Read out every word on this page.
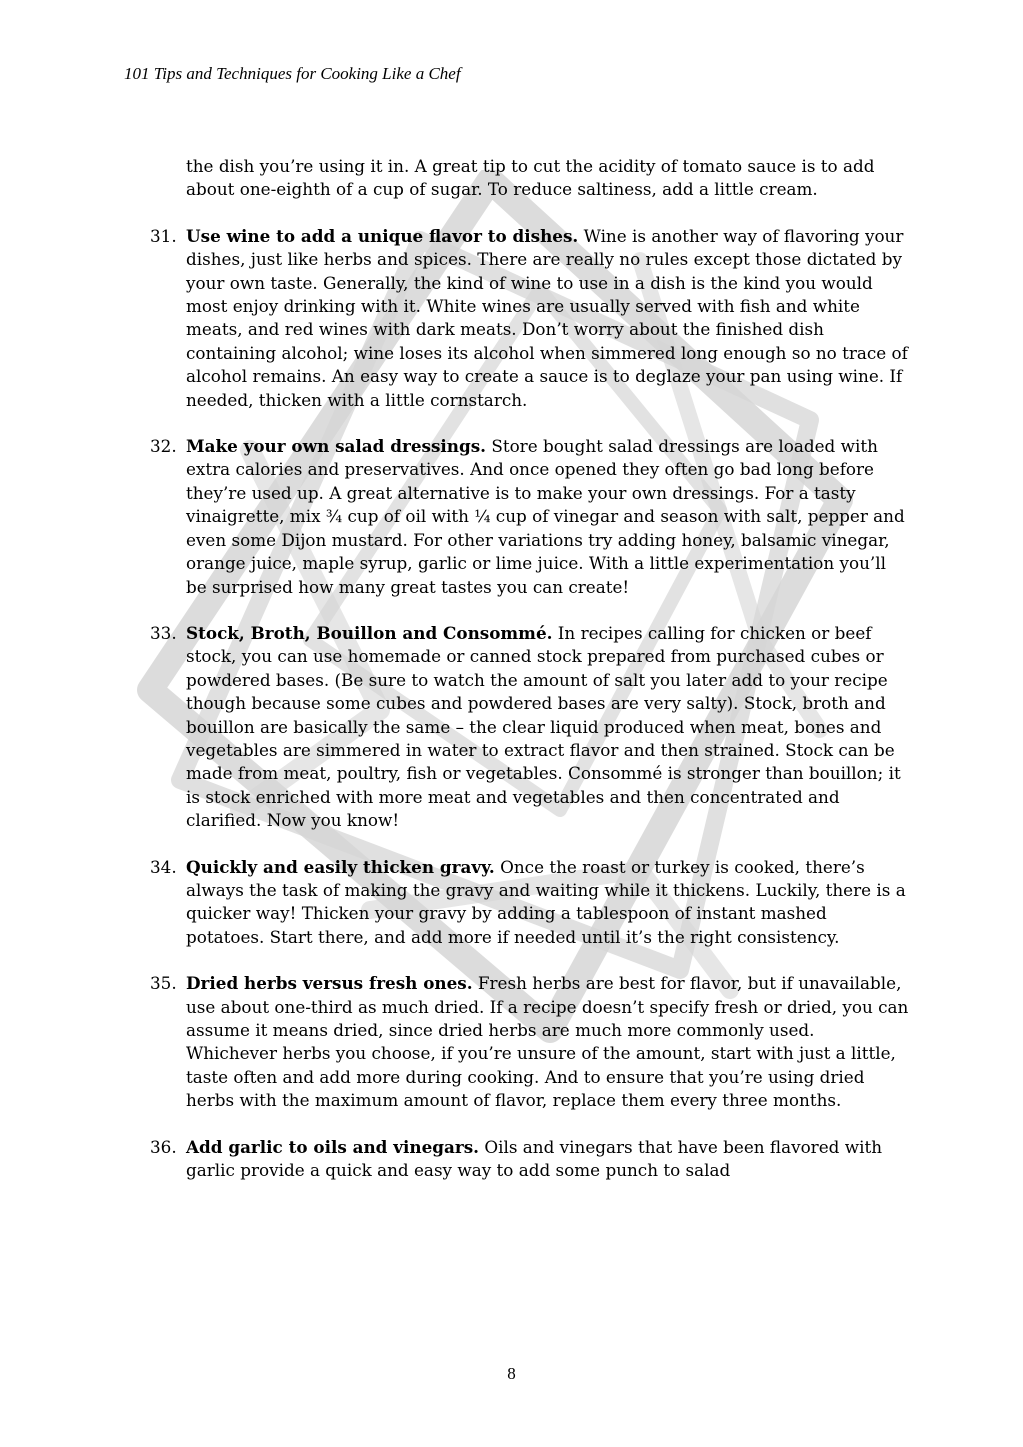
101 Tips and Techniques for Cooking Like a Chef

the dish you’re using it in. A great tip to cut the acidity of tomato sauce is to add about one-eighth of a cup of sugar. To reduce saltiness, add a little cream.

31. Use wine to add a unique flavor to dishes. Wine is another way of flavoring your dishes, just like herbs and spices. There are really no rules except those dictated by your own taste. Generally, the kind of wine to use in a dish is the kind you would most enjoy drinking with it. White wines are usually served with fish and white meats, and red wines with dark meats. Don’t worry about the finished dish containing alcohol; wine loses its alcohol when simmered long enough so no trace of alcohol remains. An easy way to create a sauce is to deglaze your pan using wine. If needed, thicken with a little cornstarch.

32. Make your own salad dressings. Store bought salad dressings are loaded with extra calories and preservatives. And once opened they often go bad long before they’re used up. A great alternative is to make your own dressings. For a tasty vinaigrette, mix ¾ cup of oil with ¼ cup of vinegar and season with salt, pepper and even some Dijon mustard. For other variations try adding honey, balsamic vinegar, orange juice, maple syrup, garlic or lime juice. With a little experimentation you’ll be surprised how many great tastes you can create!

33. Stock, Broth, Bouillon and Consommé. In recipes calling for chicken or beef stock, you can use homemade or canned stock prepared from purchased cubes or powdered bases. (Be sure to watch the amount of salt you later add to your recipe though because some cubes and powdered bases are very salty). Stock, broth and bouillon are basically the same – the clear liquid produced when meat, bones and vegetables are simmered in water to extract flavor and then strained. Stock can be made from meat, poultry, fish or vegetables. Consommé is stronger than bouillon; it is stock enriched with more meat and vegetables and then concentrated and clarified. Now you know!

34. Quickly and easily thicken gravy. Once the roast or turkey is cooked, there’s always the task of making the gravy and waiting while it thickens. Luckily, there is a quicker way! Thicken your gravy by adding a tablespoon of instant mashed potatoes. Start there, and add more if needed until it’s the right consistency.

35. Dried herbs versus fresh ones. Fresh herbs are best for flavor, but if unavailable, use about one-third as much dried. If a recipe doesn’t specify fresh or dried, you can assume it means dried, since dried herbs are much more commonly used. Whichever herbs you choose, if you’re unsure of the amount, start with just a little, taste often and add more during cooking. And to ensure that you’re using dried herbs with the maximum amount of flavor, replace them every three months.

36. Add garlic to oils and vinegars. Oils and vinegars that have been flavored with garlic provide a quick and easy way to add some punch to salad

8
